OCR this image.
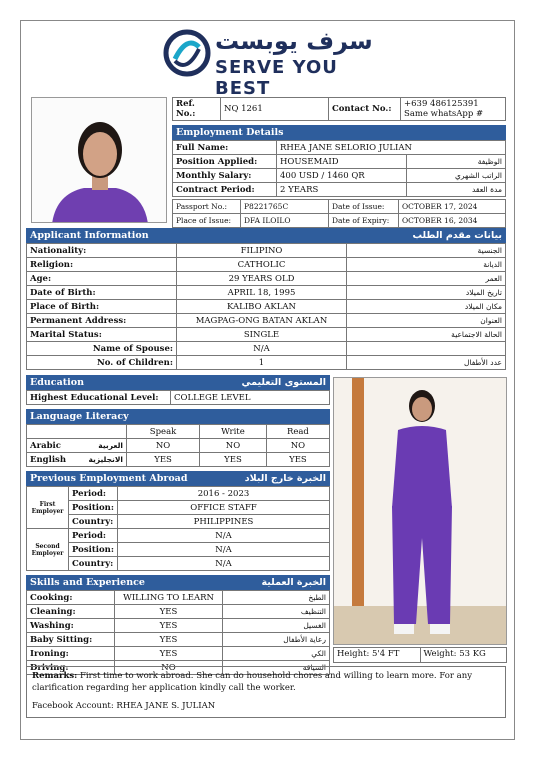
سرف يوبست
SERVE YOU BEST
Ref. No.:	NQ 1261	Contact No.:	+639 486125391
Same whatsApp #
Employment Details
Full Name:	RHEA JANE SELORIO JULIAN	
Position Applied:	HOUSEMAID	الوظيفة
Monthly Salary:	400 USD / 1460 QR	الراتب الشهري
Contract Period:	2 YEARS	مدة العقد
Passport No.:	P8221765C	Date of Issue:	OCTOBER 17, 2024
Place of Issue:	DFA ILOILO	Date of Expiry:	OCTOBER 16, 2034
Applicant Information	بيانات مقدم الطلب
Nationality:	FILIPINO	الجنسية
Religion:	CATHOLIC	الديانة
Age:	29 YEARS OLD	العمر
Date of Birth:	APRIL 18, 1995	تاريخ الميلاد
Place of Birth:	KALIBO AKLAN	مكان الميلاد
Permanent Address:	MAGPAG-ONG BATAN AKLAN	العنوان
Marital Status:	SINGLE	الحالة الاجتماعية
Name of Spouse:	N/A	
No. of Children:	1	عدد الأطفال
Education	المستوى التعليمي
Highest Educational Level:	COLLEGE LEVEL
Language Literacy
	Speak	Write	Read
Arabic العربية	NO	NO	NO
English الانجليزية	YES	YES	YES
Previous Employment Abroad	الخبرة خارج البلاد
First Employer	Period:	2016 - 2023
	Position:	OFFICE STAFF
	Country:	PHILIPPINES
Second Employer	Period:	N/A
	Position:	N/A
	Country:	N/A
Skills and Experience	الخبرة العملية
Cooking:	WILLING TO LEARN	الطبخ
Cleaning:	YES	التنظيف
Washing:	YES	الغسيل
Baby Sitting:	YES	رعاية الأطفال
Ironing:	YES	الكي
Driving:	NO	السياقة
Height: 5'4 FT	Weight: 53 KG
Remarks: First time to work abroad. She can do household chores and willing to learn more. For any clarification regarding her application kindly call the worker.
Facebook Account: RHEA JANE S. JULIAN
